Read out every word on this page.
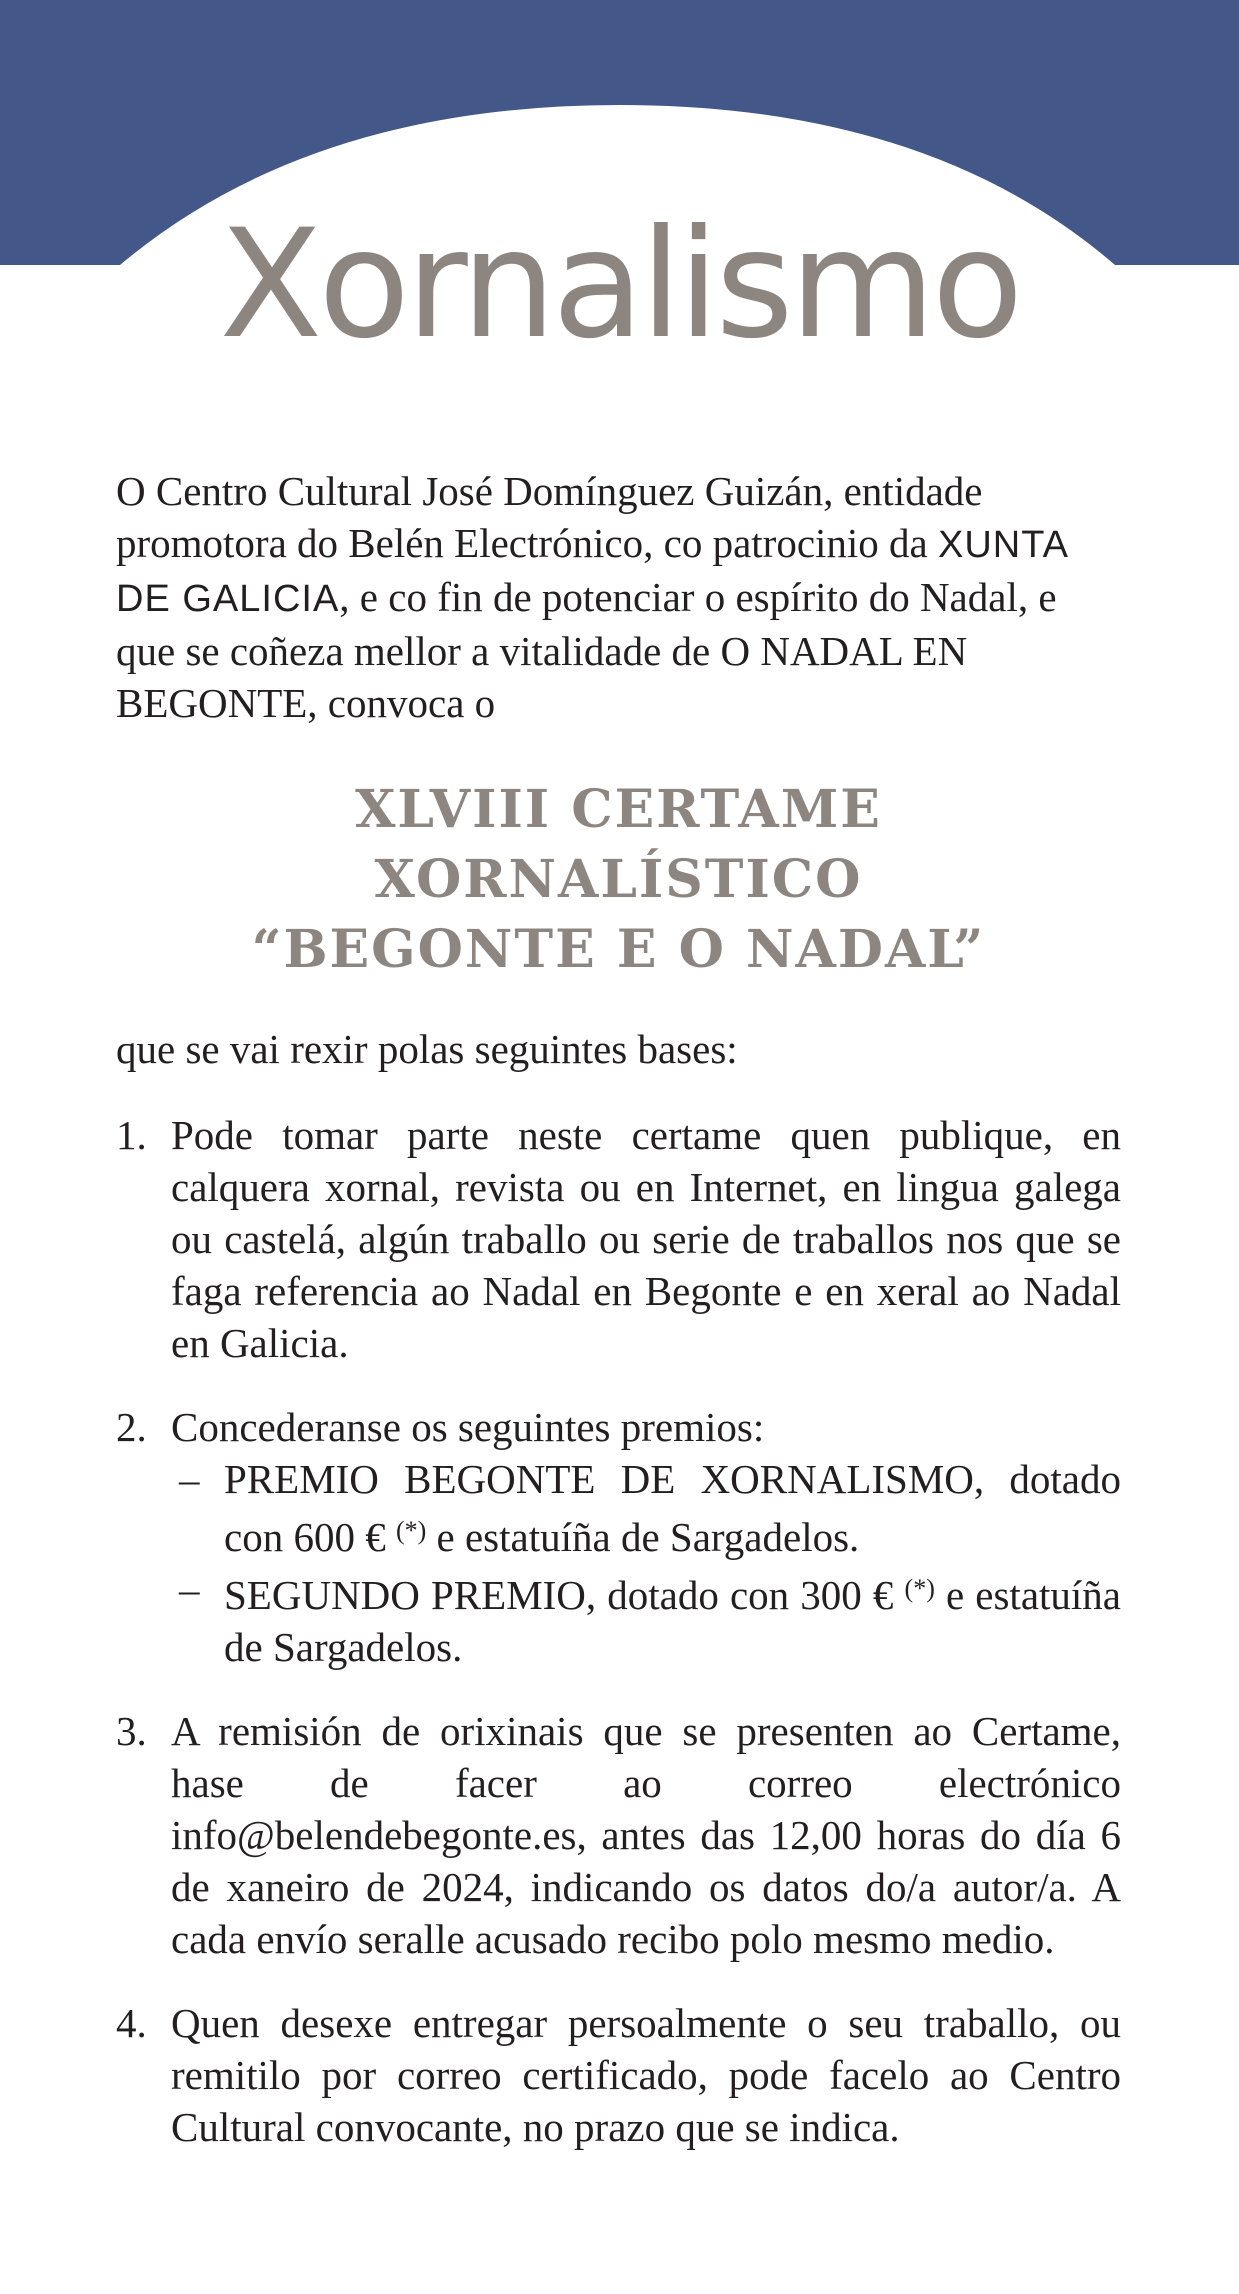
Xornalismo

O Centro Cultural José Domínguez Guizán, entidade promotora do Belén Electrónico, co patrocinio da XUNTA DE GALICIA, e co fin de potenciar o espírito do Nadal, e que se coñeza mellor a vitalidade de O NADAL EN BEGONTE, convoca o

XLVIII CERTAME XORNALÍSTICO
“BEGONTE E O NADAL”

que se vai rexir polas seguintes bases:

1. Pode tomar parte neste certame quen publique, en calquera xornal, revista ou en Internet, en lingua galega ou castelá, algún traballo ou serie de traballos nos que se faga referencia ao Nadal en Begonte e en xeral ao Nadal en Galicia.
2. Concederanse os seguintes premios:
– PREMIO BEGONTE DE XORNALISMO, dotado con 600 € (*) e estatuíña de Sargadelos.
– SEGUNDO PREMIO, dotado con 300 € (*) e estatuíña de Sargadelos.
3. A remisión de orixinais que se presenten ao Certame, hase de facer ao correo electrónico info@belendebegonte.es, antes das 12,00 horas do día 6 de xaneiro de 2024, indicando os datos do/a autor/a. A cada envío seralle acusado recibo polo mesmo medio.
4. Quen desexe entregar persoalmente o seu traballo, ou remitilo por correo certificado, pode facelo ao Centro Cultural convocante, no prazo que se indica.
